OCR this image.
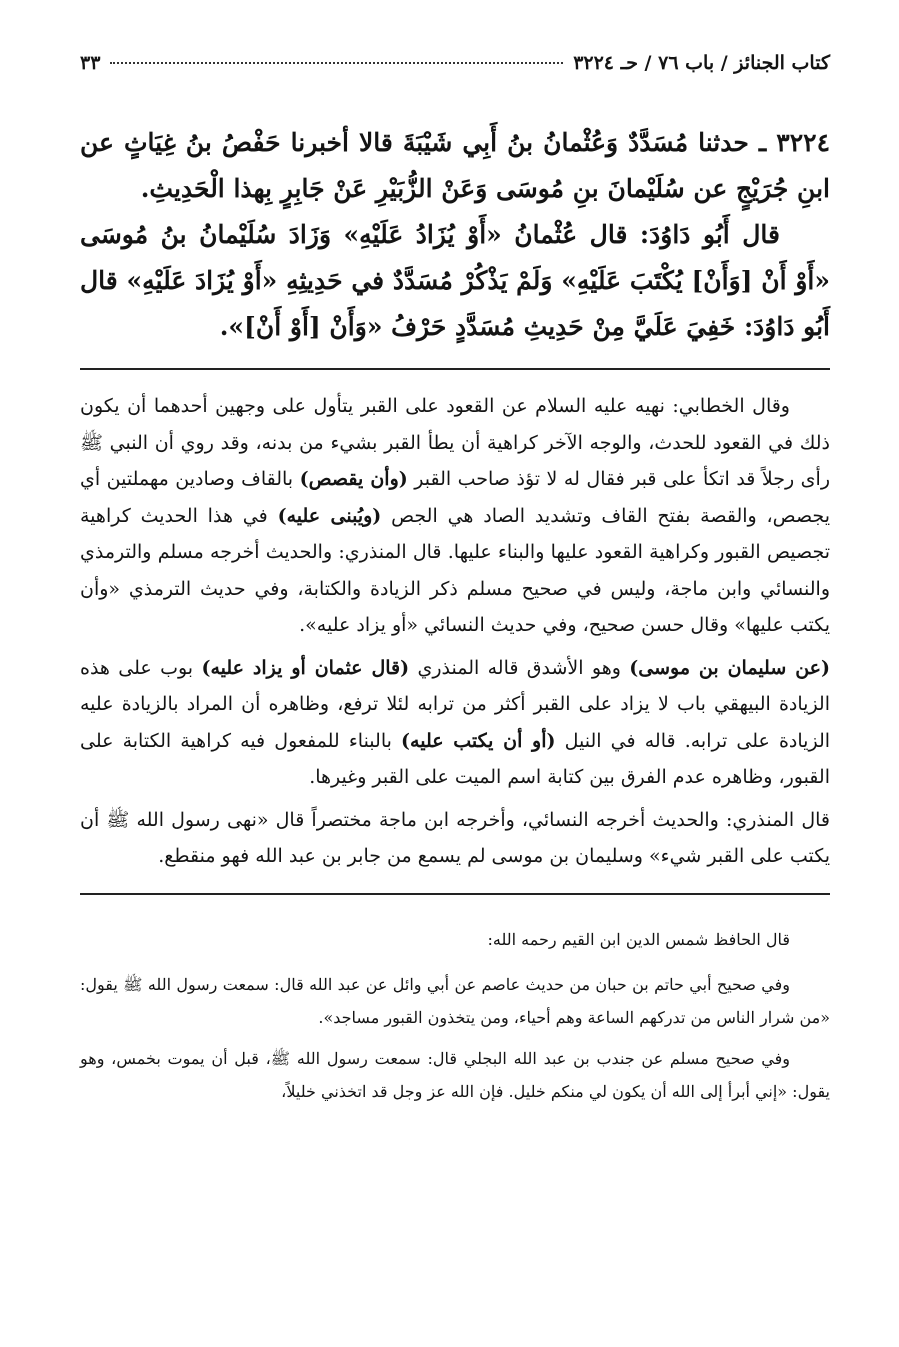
كتاب الجنائز / باب ٧٦ / حـ ٣٢٢٤
٣٣

٣٢٢٤ ـ حدثنا مُسَدَّدٌ وَعُثْمانُ بنُ أَبِي شَيْبَةَ قالا أخبرنا حَفْصُ بنُ غِيَاثٍ عن ابنِ جُرَيْجٍ عن سُلَيْمانَ بنِ مُوسَى وَعَنْ الزُّبَيْرِ عَنْ جَابِرٍ بِهذا الْحَدِيثِ.

قال أَبُو دَاوُدَ: قال عُثْمانُ «أَوْ يُزَادُ عَلَيْهِ» وَزَادَ سُلَيْمانُ بنُ مُوسَى «أَوْ أَنْ [وَأَنْ] يُكْتَبَ عَلَيْهِ» وَلَمْ يَذْكُرْ مُسَدَّدٌ في حَدِيثِهِ «أَوْ يُزَادَ عَلَيْهِ» قال أَبُو دَاوُدَ: خَفِيَ عَلَيَّ مِنْ حَدِيثِ مُسَدَّدٍ حَرْفُ «وَأَنْ [أَوْ أَنْ]».

وقال الخطابي: نهيه عليه السلام عن القعود على القبر يتأول على وجهين أحدهما أن يكون ذلك في القعود للحدث، والوجه الآخر كراهية أن يطأ القبر بشيء من بدنه، وقد روي أن النبي ﷺ رأى رجلاً قد اتكأ على قبر فقال له لا تؤذ صاحب القبر (وأن يقصص) بالقاف وصادين مهملتين أي يجصص، والقصة بفتح القاف وتشديد الصاد هي الجص (ويُبنى عليه) في هذا الحديث كراهية تجصيص القبور وكراهية القعود عليها والبناء عليها. قال المنذري: والحديث أخرجه مسلم والترمذي والنسائي وابن ماجة، وليس في صحيح مسلم ذكر الزيادة والكتابة، وفي حديث الترمذي «وأن يكتب عليها» وقال حسن صحيح، وفي حديث النسائي «أو يزاد عليه».

(عن سليمان بن موسى) وهو الأشدق قاله المنذري (قال عثمان أو يزاد عليه) بوب على هذه الزيادة البيهقي باب لا يزاد على القبر أكثر من ترابه لئلا ترفع، وظاهره أن المراد بالزيادة عليه الزيادة على ترابه. قاله في النيل (أو أن يكتب عليه) بالبناء للمفعول فيه كراهية الكتابة على القبور، وظاهره عدم الفرق بين كتابة اسم الميت على القبر وغيرها.

قال المنذري: والحديث أخرجه النسائي، وأخرجه ابن ماجة مختصراً قال «نهى رسول الله ﷺ أن يكتب على القبر شيء» وسليمان بن موسى لم يسمع من جابر بن عبد الله فهو منقطع.

قال الحافظ شمس الدين ابن القيم رحمه الله:

وفي صحيح أبي حاتم بن حبان من حديث عاصم عن أبي وائل عن عبد الله قال: سمعت رسول الله ﷺ يقول: «من شرار الناس من تدركهم الساعة وهم أحياء، ومن يتخذون القبور مساجد».

وفي صحيح مسلم عن جندب بن عبد الله البجلي قال: سمعت رسول الله ﷺ، قبل أن يموت بخمس، وهو يقول: «إني أبرأ إلى الله أن يكون لي منكم خليل. فإن الله عز وجل قد اتخذني خليلاً،
